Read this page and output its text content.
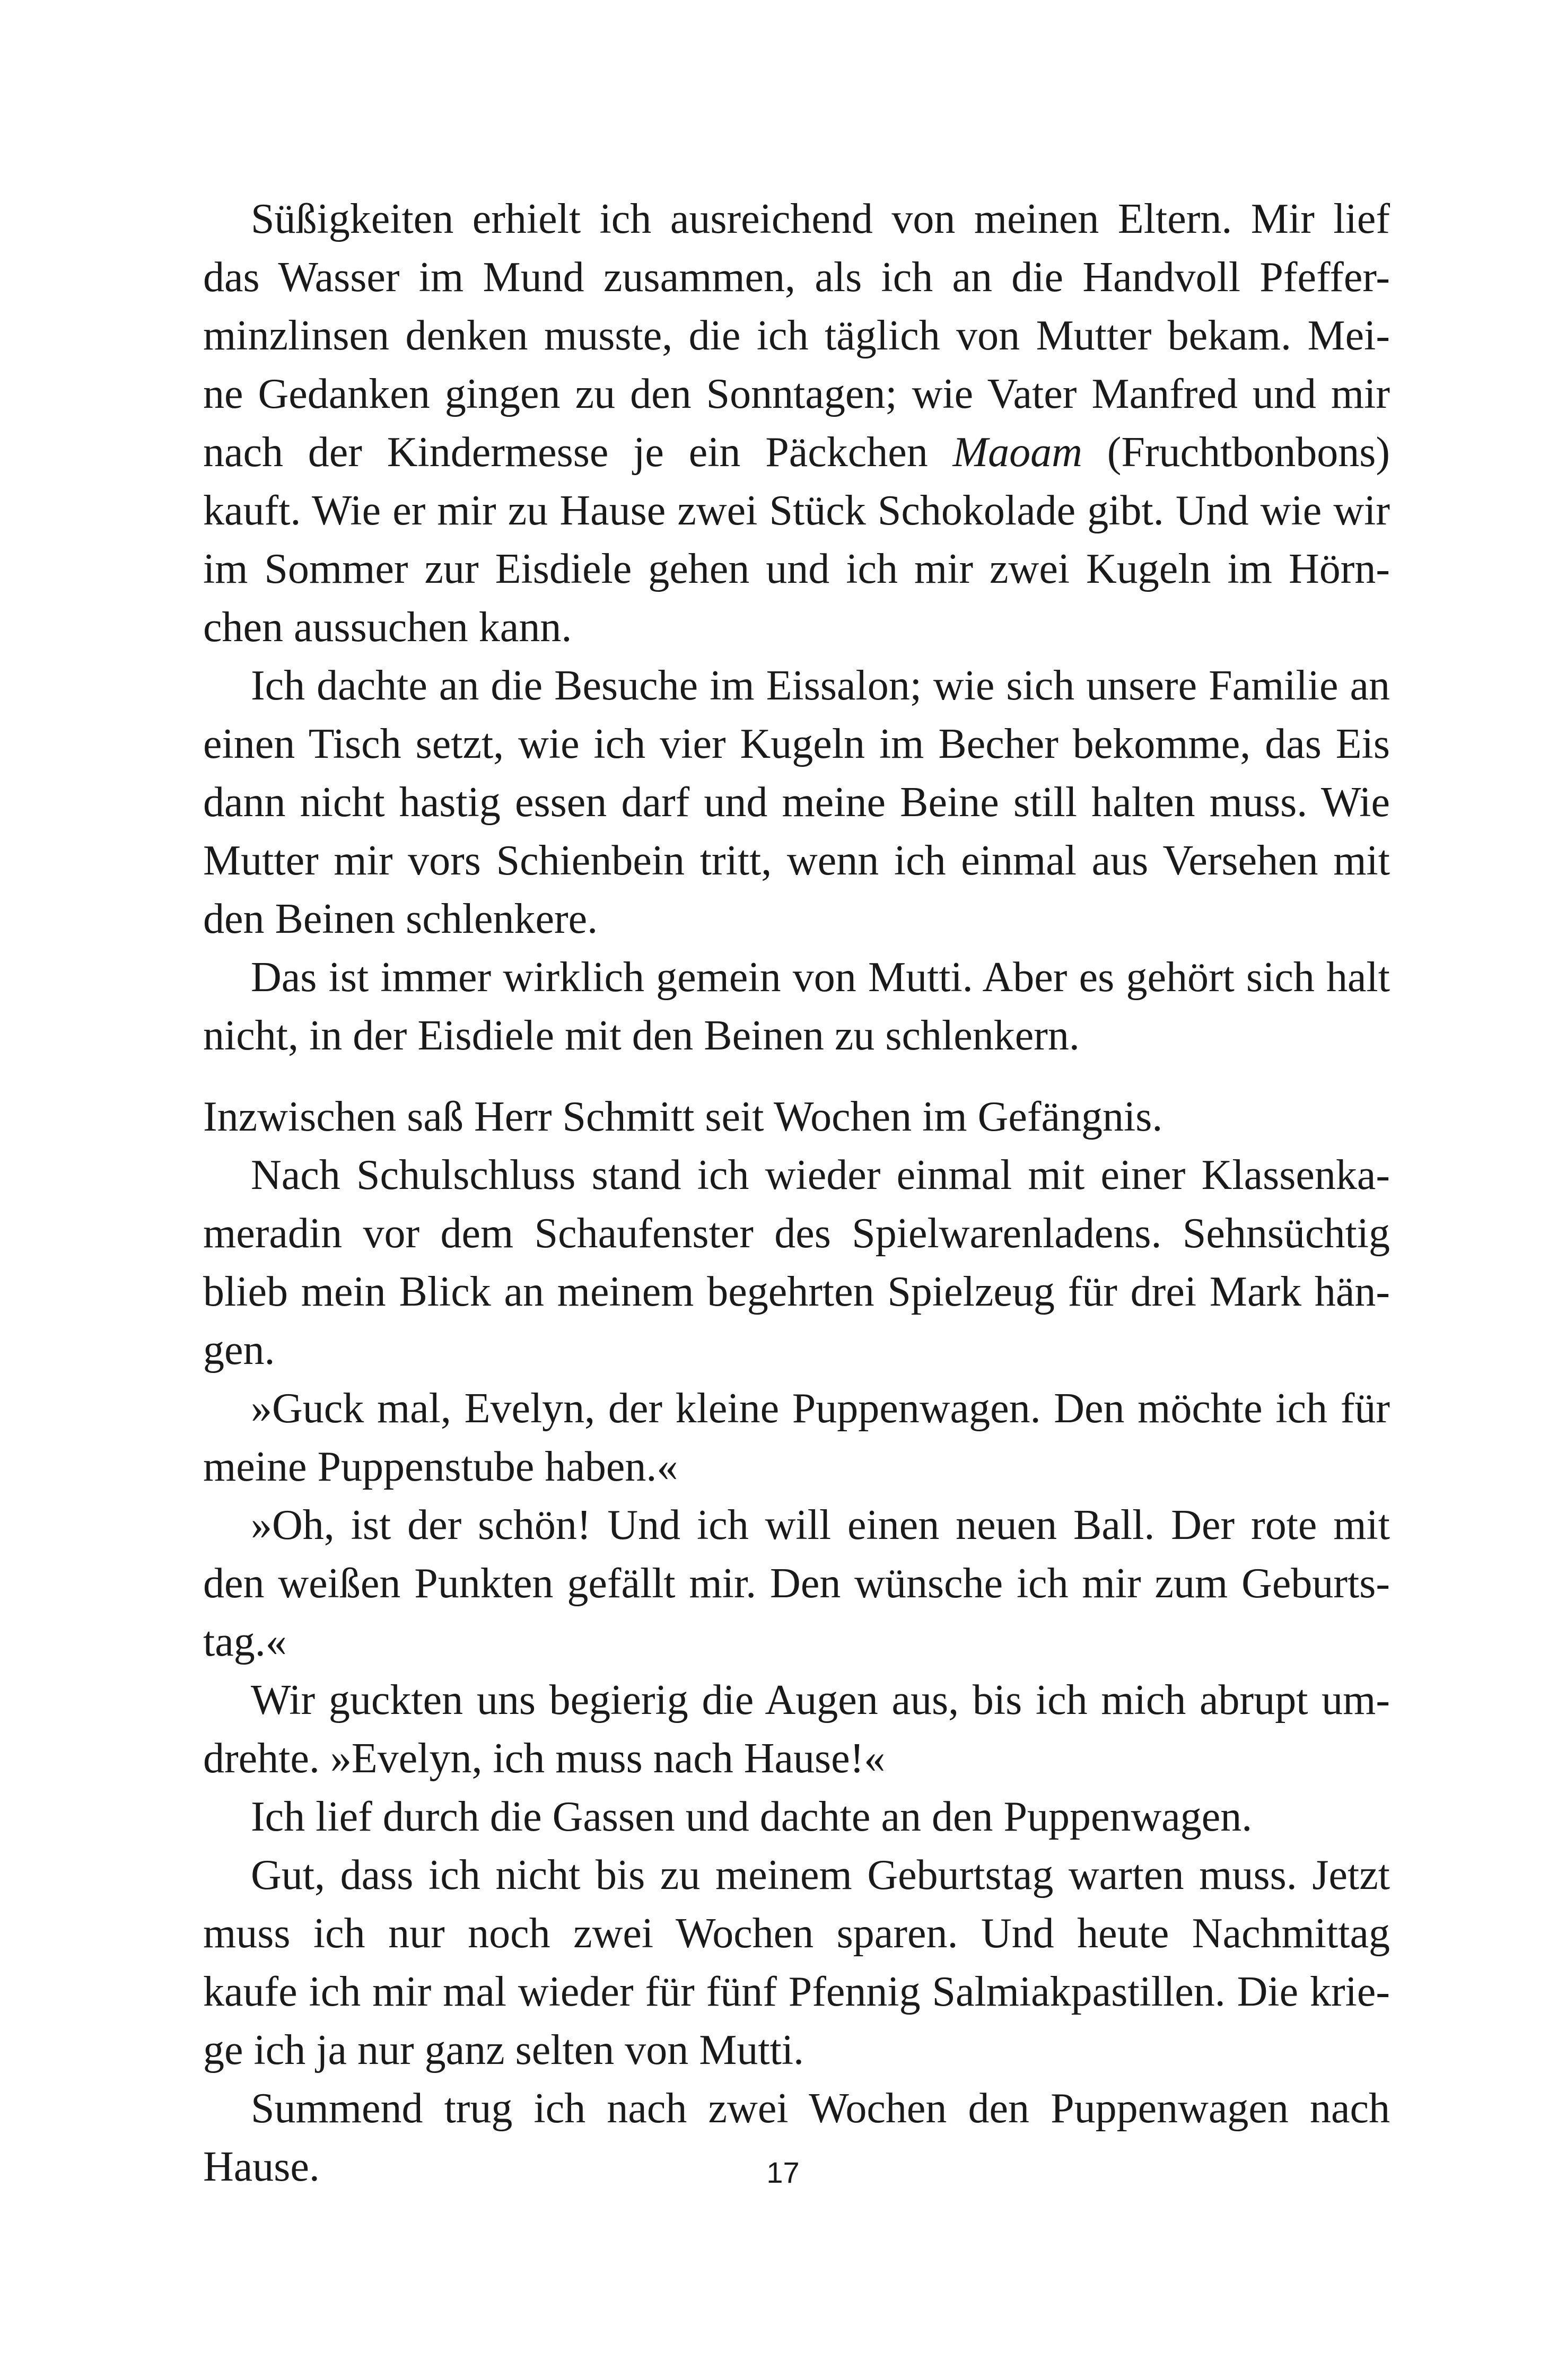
Süßigkeiten erhielt ich ausreichend von meinen Eltern. Mir lief
das Wasser im Mund zusammen, als ich an die Handvoll Pfeffer-
minzlinsen denken musste, die ich täglich von Mutter bekam. Mei-
ne Gedanken gingen zu den Sonntagen; wie Vater Manfred und mir
nach der Kindermesse je ein Päckchen Maoam (Fruchtbonbons)
kauft. Wie er mir zu Hause zwei Stück Schokolade gibt. Und wie wir
im Sommer zur Eisdiele gehen und ich mir zwei Kugeln im Hörn-
chen aussuchen kann.
Ich dachte an die Besuche im Eissalon; wie sich unsere Familie an
einen Tisch setzt, wie ich vier Kugeln im Becher bekomme, das Eis
dann nicht hastig essen darf und meine Beine still halten muss. Wie
Mutter mir vors Schienbein tritt, wenn ich einmal aus Versehen mit
den Beinen schlenkere.
Das ist immer wirklich gemein von Mutti. Aber es gehört sich halt
nicht, in der Eisdiele mit den Beinen zu schlenkern.
Inzwischen saß Herr Schmitt seit Wochen im Gefängnis.
Nach Schulschluss stand ich wieder einmal mit einer Klassenka-
meradin vor dem Schaufenster des Spielwarenladens. Sehnsüchtig
blieb mein Blick an meinem begehrten Spielzeug für drei Mark hän-
gen.
»Guck mal, Evelyn, der kleine Puppenwagen. Den möchte ich für
meine Puppenstube haben.«
»Oh, ist der schön! Und ich will einen neuen Ball. Der rote mit
den weißen Punkten gefällt mir. Den wünsche ich mir zum Geburts-
tag.«
Wir guckten uns begierig die Augen aus, bis ich mich abrupt um-
drehte. »Evelyn, ich muss nach Hause!«
Ich lief durch die Gassen und dachte an den Puppenwagen.
Gut, dass ich nicht bis zu meinem Geburtstag warten muss. Jetzt
muss ich nur noch zwei Wochen sparen. Und heute Nachmittag
kaufe ich mir mal wieder für fünf Pfennig Salmiakpastillen. Die krie-
ge ich ja nur ganz selten von Mutti.
Summend trug ich nach zwei Wochen den Puppenwagen nach
Hause.	17
